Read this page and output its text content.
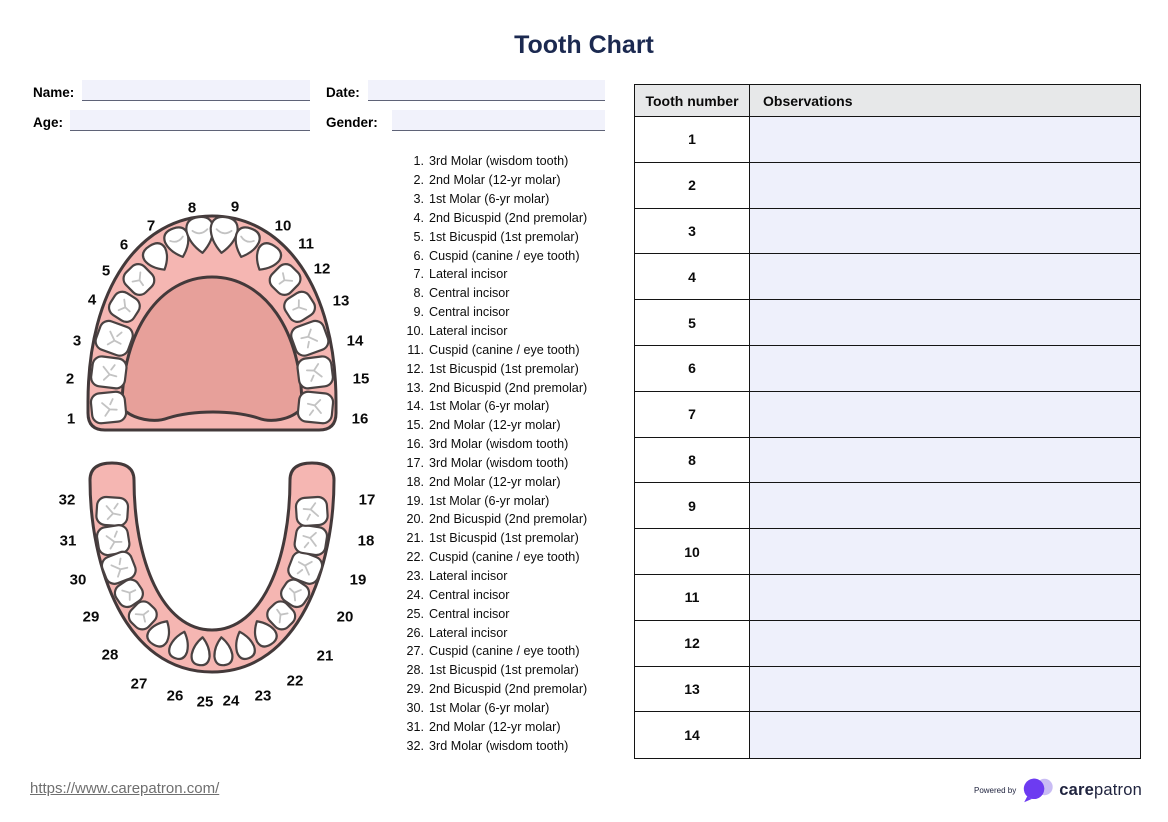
Tooth Chart
Name:	Date:
Age:	Gender:
1
2
3
4
5
6
7
8 9
10
11
12
13
14
15
16
32
31
30
29
28
27
26 25 24 23
22
21
20
19
18
17
1. 3rd Molar (wisdom tooth)
2. 2nd Molar (12-yr molar)
3. 1st Molar (6-yr molar)
4. 2nd Bicuspid (2nd premolar)
5. 1st Bicuspid (1st premolar)
6. Cuspid (canine / eye tooth)
7. Lateral incisor
8. Central incisor
9. Central incisor
10. Lateral incisor
11. Cuspid (canine / eye tooth)
12. 1st Bicuspid (1st premolar)
13. 2nd Bicuspid (2nd premolar)
14. 1st Molar (6-yr molar)
15. 2nd Molar (12-yr molar)
16. 3rd Molar (wisdom tooth)
17. 3rd Molar (wisdom tooth)
18. 2nd Molar (12-yr molar)
19. 1st Molar (6-yr molar)
20. 2nd Bicuspid (2nd premolar)
21. 1st Bicuspid (1st premolar)
22. Cuspid (canine / eye tooth)
23. Lateral incisor
24. Central incisor
25. Central incisor
26. Lateral incisor
27. Cuspid (canine / eye tooth)
28. 1st Bicuspid (1st premolar)
29. 2nd Bicuspid (2nd premolar)
30. 1st Molar (6-yr molar)
31. 2nd Molar (12-yr molar)
32. 3rd Molar (wisdom tooth)
Tooth number	Observations
1
2
3
4
5
6
7
8
9
10
11
12
13
14
https://www.carepatron.com/	Powered by	carepatron
